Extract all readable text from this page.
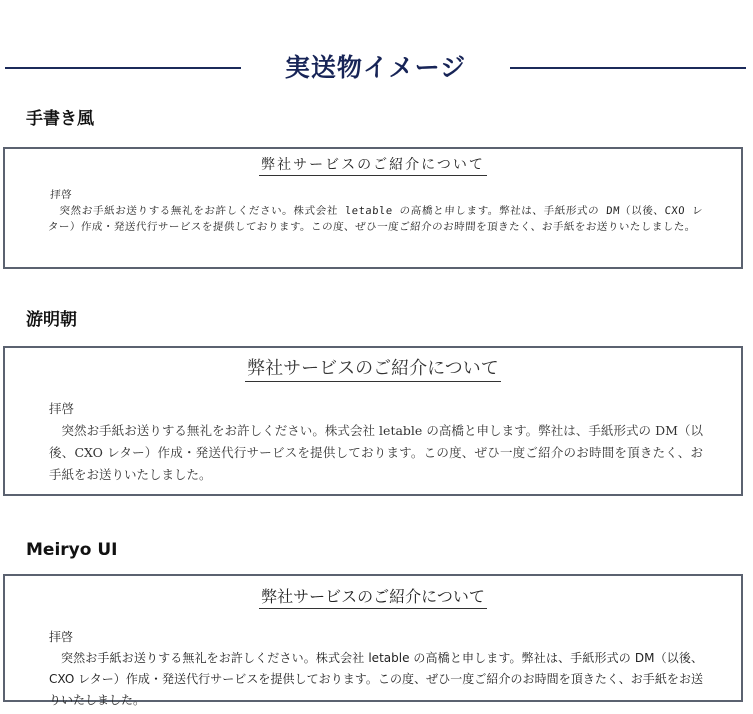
実送物イメージ
手書き風
弊社サービスのご紹介について
拝啓
突然お手紙お送りする無礼をお許しください。株式会社 letable の高橋と申します。弊社は、手紙形式の DM（以後、CXO レター）作成・発送代行サービスを提供しております。この度、ぜひ一度ご紹介のお時間を頂きたく、お手紙をお送りいたしました。
游明朝
弊社サービスのご紹介について
拝啓
突然お手紙お送りする無礼をお許しください。株式会社 letable の高橋と申します。弊社は、手紙形式の DM（以後、CXO レター）作成・発送代行サービスを提供しております。この度、ぜひ一度ご紹介のお時間を頂きたく、お手紙をお送りいたしました。
Meiryo UI
弊社サービスのご紹介について
拝啓
突然お手紙お送りする無礼をお許しください。株式会社 letable の高橋と申します。弊社は、手紙形式の DM（以後、CXO レター）作成・発送代行サービスを提供しております。この度、ぜひ一度ご紹介のお時間を頂きたく、お手紙をお送りいたしました。
